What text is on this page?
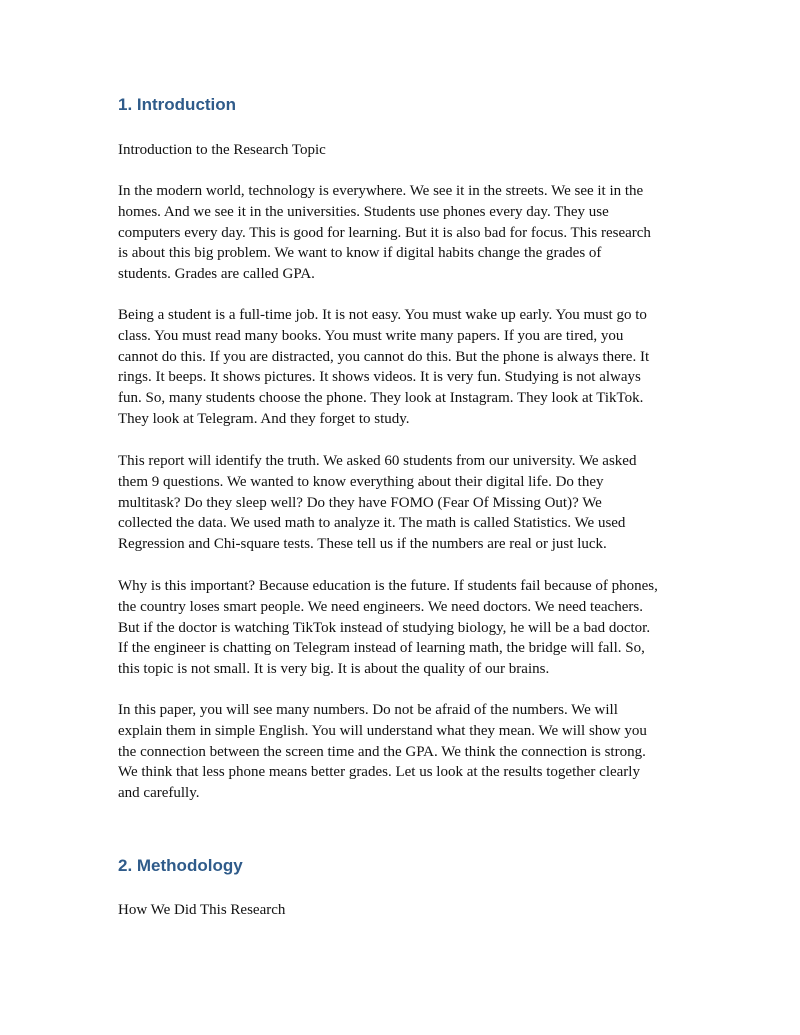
1. Introduction

Introduction to the Research Topic

In the modern world, technology is everywhere. We see it in the streets. We see it in the
homes. And we see it in the universities. Students use phones every day. They use
computers every day. This is good for learning. But it is also bad for focus. This research
is about this big problem. We want to know if digital habits change the grades of
students. Grades are called GPA.

Being a student is a full-time job. It is not easy. You must wake up early. You must go to
class. You must read many books. You must write many papers. If you are tired, you
cannot do this. If you are distracted, you cannot do this. But the phone is always there. It
rings. It beeps. It shows pictures. It shows videos. It is very fun. Studying is not always
fun. So, many students choose the phone. They look at Instagram. They look at TikTok.
They look at Telegram. And they forget to study.

This report will identify the truth. We asked 60 students from our university. We asked
them 9 questions. We wanted to know everything about their digital life. Do they
multitask? Do they sleep well? Do they have FOMO (Fear Of Missing Out)? We
collected the data. We used math to analyze it. The math is called Statistics. We used
Regression and Chi-square tests. These tell us if the numbers are real or just luck.

Why is this important? Because education is the future. If students fail because of phones,
the country loses smart people. We need engineers. We need doctors. We need teachers.
But if the doctor is watching TikTok instead of studying biology, he will be a bad doctor.
If the engineer is chatting on Telegram instead of learning math, the bridge will fall. So,
this topic is not small. It is very big. It is about the quality of our brains.

In this paper, you will see many numbers. Do not be afraid of the numbers. We will
explain them in simple English. You will understand what they mean. We will show you
the connection between the screen time and the GPA. We think the connection is strong.
We think that less phone means better grades. Let us look at the results together clearly
and carefully.

2. Methodology

How We Did This Research
